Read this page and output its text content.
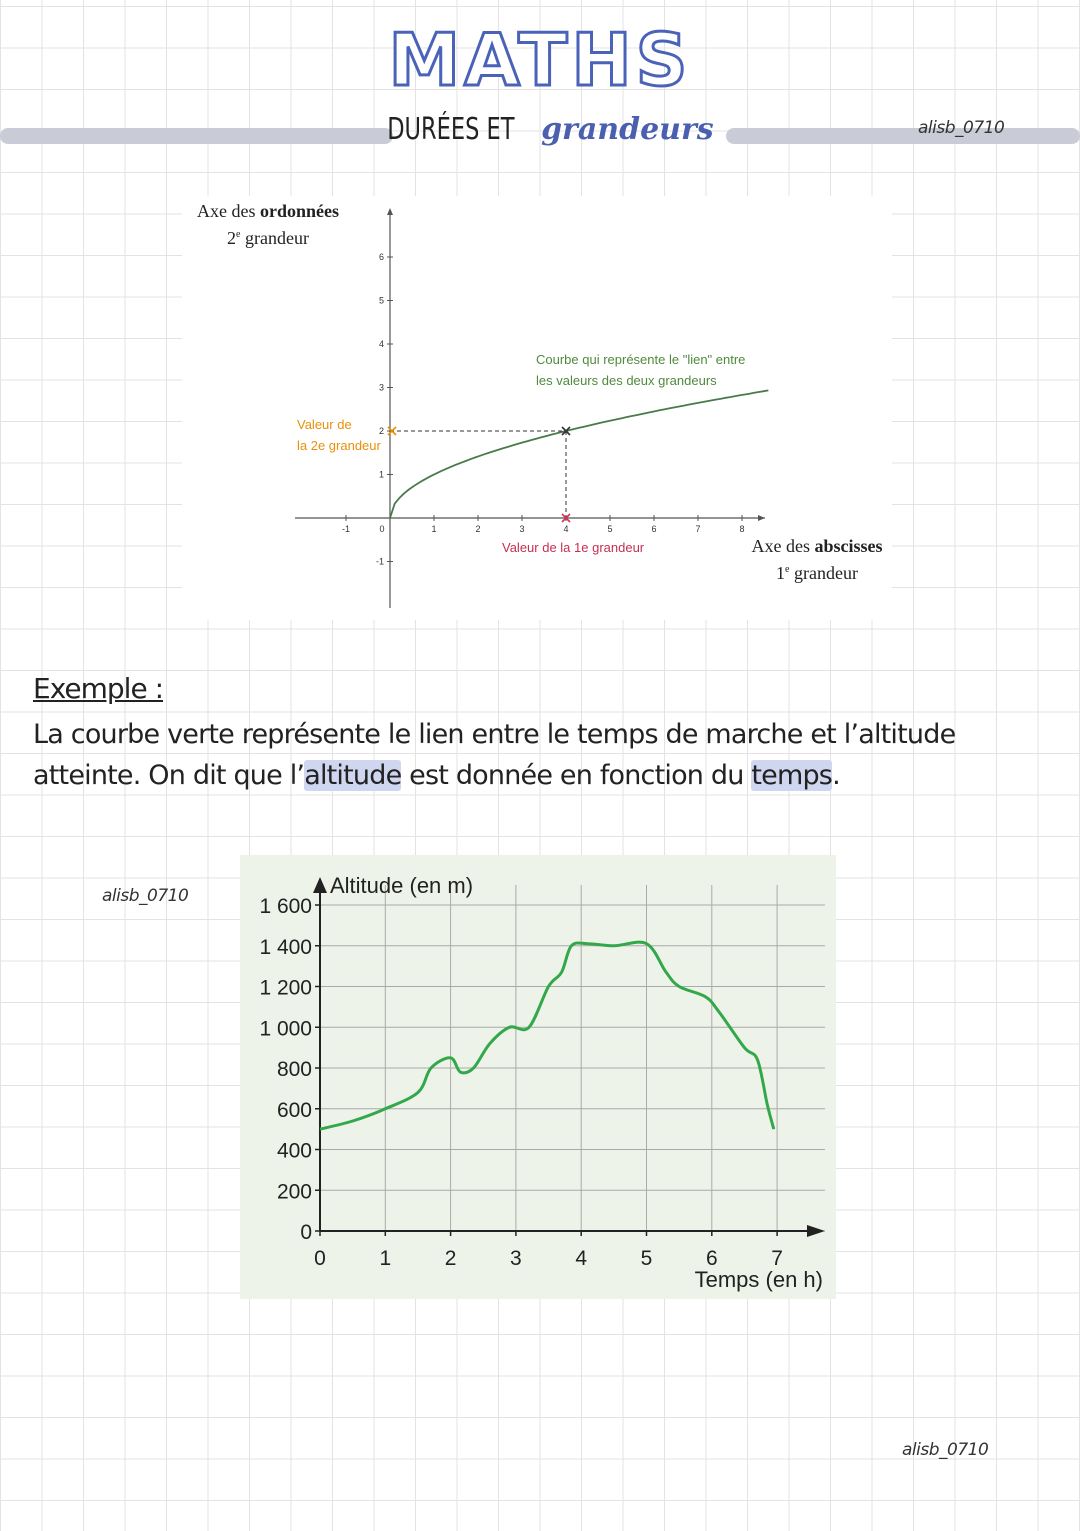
MATHS
DURÉES ET grandeurs	alisb_0710
Axe des ordonnées
2e grandeur
Axe des abscisses
1e grandeur
Courbe qui représente le "lien" entre
les valeurs des deux grandeurs
Valeur de
la 2e grandeur
Valeur de la 1e grandeur
-1	0	1	2	3	4	5	6	7	8
-1
1
2
3
4
5
6
Exemple :
La courbe verte représente le lien entre le temps de marche et l’altitude
atteinte. On dit que l’altitude est donnée en fonction du temps.
alisb_0710
0
200
400
600
800
1 000
1 200
1 400
1 600
0	1	2	3	4	5	6	7
Altitude (en m)
Temps (en h)
alisb_0710
